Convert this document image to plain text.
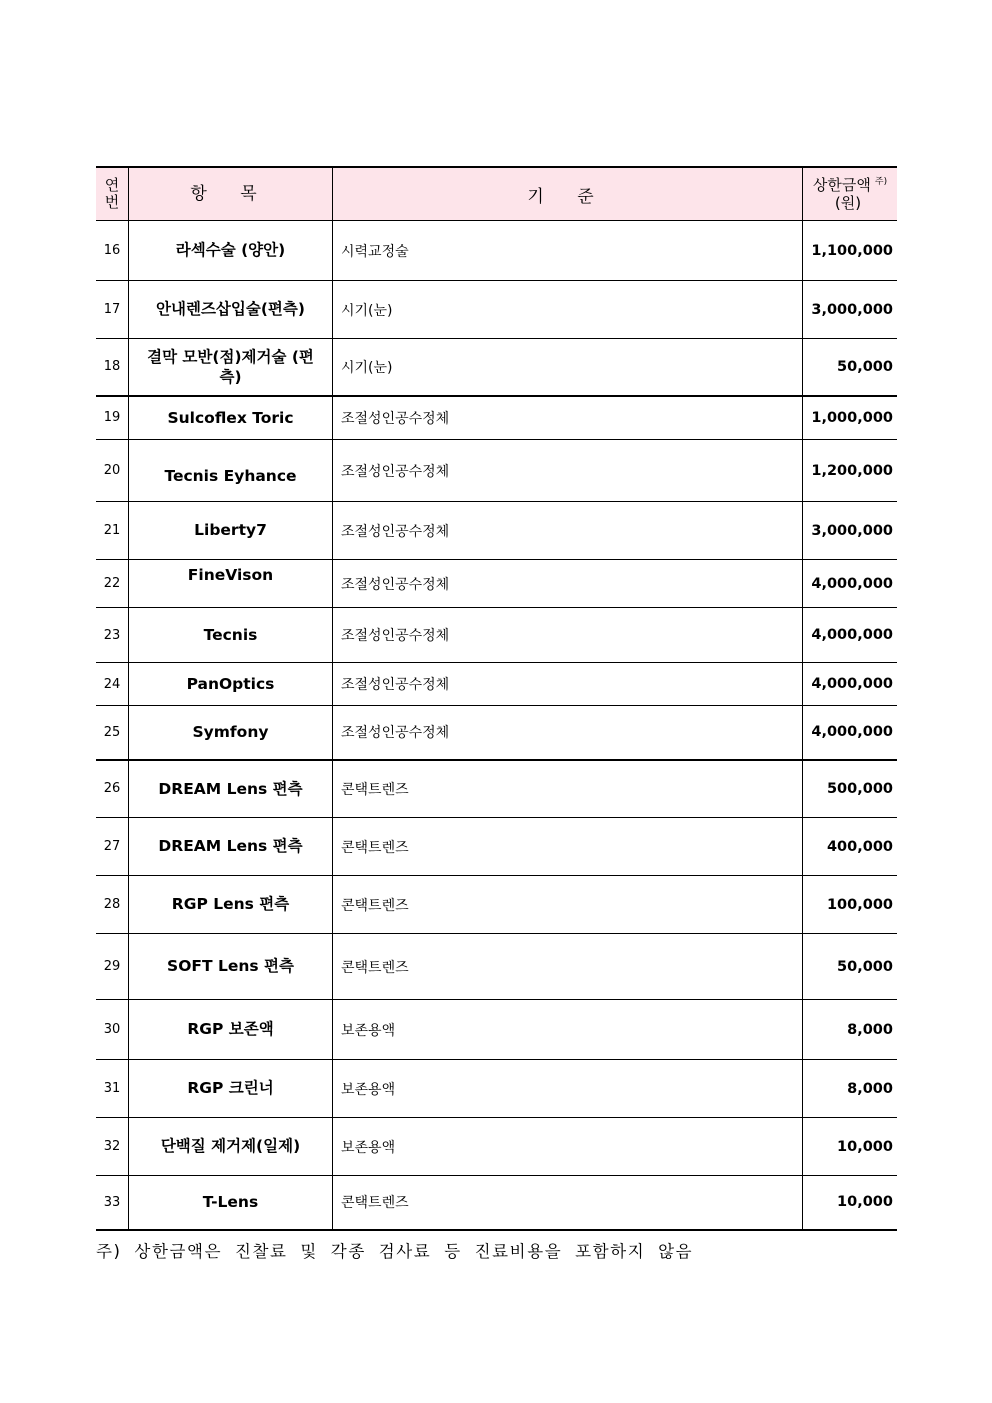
연번	항 목	기 준	상한금액 $^{주)}$
(원)
16	라섹수술 (양안)	시력교정술	1,100,000
17	안내렌즈삽입술(편측)	시기(눈)	3,000,000
18	결막 모반(점)제거술 (편측)	시기(눈)	50,000
19	Sulcoflex Toric	조절성인공수정체	1,000,000
20	Tecnis Eyhance	조절성인공수정체	1,200,000
21	Liberty7	조절성인공수정체	3,000,000
22	FineVison	조절성인공수정체	4,000,000
23	Tecnis	조절성인공수정체	4,000,000
24	PanOptics	조절성인공수정체	4,000,000
25	Symfony	조절성인공수정체	4,000,000
26	DREAM Lens 편측	콘택트렌즈	500,000
27	DREAM Lens 편측	콘택트렌즈	400,000
28	RGP Lens 편측	콘택트렌즈	100,000
29	SOFT Lens 편측	콘택트렌즈	50,000
30	RGP 보존액	보존용액	8,000
31	RGP 크린너	보존용액	8,000
32	단백질 제거제(일제)	보존용액	10,000
33	T-Lens	콘택트렌즈	10,000
주) 상한금액은 진찰료 및 각종 검사료 등 진료비용을 포함하지 않음
